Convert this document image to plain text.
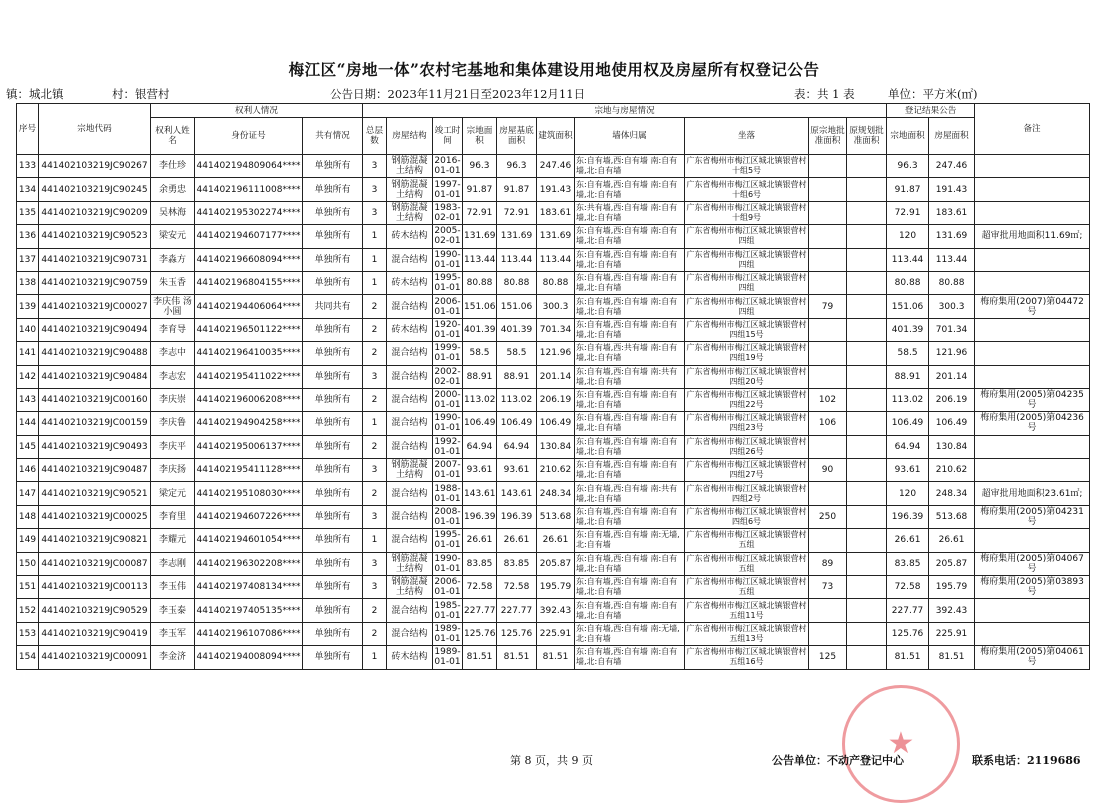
梅江区“房地一体”农村宅基地和集体建设用地使用权及房屋所有权登记公告
镇：城北镇	村：银营村	公告日期：2023年11月21日至2023年12月11日	表：共 1 表	单位：平方米(㎡)
序号	宗地代码	权利人情况			宗地与房屋情况										登记结果公告		备注
		权利人姓名	身份证号	共有情况	总层数	房屋结构	竣工时间	宗地面积	房屋基底面积	建筑面积	墙体归属	坐落	原宗地批准面积	原规划批准面积	宗地面积	房屋面积	
133	441402103219JC90267	李仕珍	441402194809064****	单独所有	3	钢筋混凝土结构	2016-01-01	96.3	96.3	247.46	东:自有墙,西:自有墙 南:自有墙,北:自有墙	广东省梅州市梅江区城北镇银营村十组5号			96.3	247.46	
134	441402103219JC90245	余勇忠	441402196111008****	单独所有	3	钢筋混凝土结构	1997-01-01	91.87	91.87	191.43	东:自有墙,西:自有墙 南:自有墙,北:自有墙	广东省梅州市梅江区城北镇银营村十组6号			91.87	191.43	
135	441402103219JC90209	吴林海	441402195302274****	单独所有	3	钢筋混凝土结构	1983-02-01	72.91	72.91	183.61	东:共有墙,西:自有墙 南:自有墙,北:自有墙	广东省梅州市梅江区城北镇银营村十组9号			72.91	183.61	
136	441402103219JC90523	梁安元	441402194607177****	单独所有	1	砖木结构	2005-02-01	131.69	131.69	131.69	东:自有墙,西:自有墙 南:自有墙,北:自有墙	广东省梅州市梅江区城北镇银营村四组			120	131.69	超审批用地面积11.69㎡;
137	441402103219JC90731	李淼方	441402196608094****	单独所有	1	混合结构	1990-01-01	113.44	113.44	113.44	东:自有墙,西:自有墙 南:自有墙,北:自有墙	广东省梅州市梅江区城北镇银营村四组			113.44	113.44	
138	441402103219JC90759	朱玉香	441402196804155****	单独所有	1	砖木结构	1995-01-01	80.88	80.88	80.88	东:自有墙,西:自有墙 南:自有墙,北:自有墙	广东省梅州市梅江区城北镇银营村四组			80.88	80.88	
139	441402103219JC00027	李庆伟 汤小圆	441402194406064****	共同共有	2	混合结构	2006-01-01	151.06	151.06	300.3	东:自有墙,西:自有墙 南:自有墙,北:自有墙	广东省梅州市梅江区城北镇银营村四组	79		151.06	300.3	梅府集用(2007)第04472号
140	441402103219JC90494	李育导	441402196501122****	单独所有	2	砖木结构	1920-01-01	401.39	401.39	701.34	东:自有墙,西:自有墙 南:自有墙,北:自有墙	广东省梅州市梅江区城北镇银营村四组15号			401.39	701.34	
141	441402103219JC90488	李志中	441402196410035****	单独所有	2	混合结构	1999-01-01	58.5	58.5	121.96	东:自有墙,西:共有墙 南:自有墙,北:自有墙	广东省梅州市梅江区城北镇银营村四组19号			58.5	121.96	
142	441402103219JC90484	李志宏	441402195411022****	单独所有	3	混合结构	2002-02-01	88.91	88.91	201.14	东:自有墙,西:自有墙 南:共有墙,北:自有墙	广东省梅州市梅江区城北镇银营村四组20号			88.91	201.14	
143	441402103219JC00160	李庆崇	441402196006208****	单独所有	2	混合结构	2000-01-01	113.02	113.02	206.19	东:自有墙,西:自有墙 南:自有墙,北:自有墙	广东省梅州市梅江区城北镇银营村四组22号	102		113.02	206.19	梅府集用(2005)第04235号
144	441402103219JC00159	李庆鲁	441402194904258****	单独所有	1	混合结构	1990-01-01	106.49	106.49	106.49	东:自有墙,西:自有墙 南:自有墙,北:自有墙	广东省梅州市梅江区城北镇银营村四组23号	106		106.49	106.49	梅府集用(2005)第04236号
145	441402103219JC90493	李庆平	441402195006137****	单独所有	2	混合结构	1992-01-01	64.94	64.94	130.84	东:自有墙,西:自有墙 南:自有墙,北:自有墙	广东省梅州市梅江区城北镇银营村四组26号			64.94	130.84	
146	441402103219JC90487	李庆扬	441402195411128****	单独所有	3	钢筋混凝土结构	2007-01-01	93.61	93.61	210.62	东:自有墙,西:自有墙 南:自有墙,北:自有墙	广东省梅州市梅江区城北镇银营村四组27号	90		93.61	210.62	
147	441402103219JC90521	梁定元	441402195108030****	单独所有	2	混合结构	1988-01-01	143.61	143.61	248.34	东:自有墙,西:自有墙 南:共有墙,北:自有墙	广东省梅州市梅江区城北镇银营村四组2号			120	248.34	超审批用地面积23.61㎡;
148	441402103219JC00025	李育里	441402194607226****	单独所有	3	混合结构	2008-01-01	196.39	196.39	513.68	东:自有墙,西:自有墙 南:自有墙,北:自有墙	广东省梅州市梅江区城北镇银营村四组6号	250		196.39	513.68	梅府集用(2005)第04231号
149	441402103219JC90821	李耀元	441402194601054****	单独所有	1	混合结构	1995-01-01	26.61	26.61	26.61	东:自有墙,西:自有墙 南:无墙,北:自有墙	广东省梅州市梅江区城北镇银营村五组			26.61	26.61	
150	441402103219JC00087	李志刚	441402196302208****	单独所有	3	钢筋混凝土结构	1990-01-01	83.85	83.85	205.87	东:自有墙,西:自有墙 南:自有墙,北:自有墙	广东省梅州市梅江区城北镇银营村五组	89		83.85	205.87	梅府集用(2005)第04067号
151	441402103219JC00113	李玉伟	441402197408134****	单独所有	3	钢筋混凝土结构	2006-01-01	72.58	72.58	195.79	东:自有墙,西:自有墙 南:自有墙,北:自有墙	广东省梅州市梅江区城北镇银营村五组	73		72.58	195.79	梅府集用(2005)第03893号
152	441402103219JC90529	李玉泰	441402197405135****	单独所有	2	混合结构	1985-01-01	227.77	227.77	392.43	东:自有墙,西:自有墙 南:自有墙,北:自有墙	广东省梅州市梅江区城北镇银营村五组11号			227.77	392.43	
153	441402103219JC90419	李玉军	441402196107086****	单独所有	2	混合结构	1989-01-01	125.76	125.76	225.91	东:自有墙,西:自有墙 南:无墙,北:自有墙	广东省梅州市梅江区城北镇银营村五组13号			125.76	225.91	
154	441402103219JC00091	李金济	441402194008094****	单独所有	1	砖木结构	1989-01-01	81.51	81.51	81.51	东:自有墙,西:自有墙 南:自有墙,北:自有墙	广东省梅州市梅江区城北镇银营村五组16号	125		81.51	81.51	梅府集用(2005)第04061号
★
第 8 页，共 9 页	公告单位：不动产登记中心	联系电话：2119686
